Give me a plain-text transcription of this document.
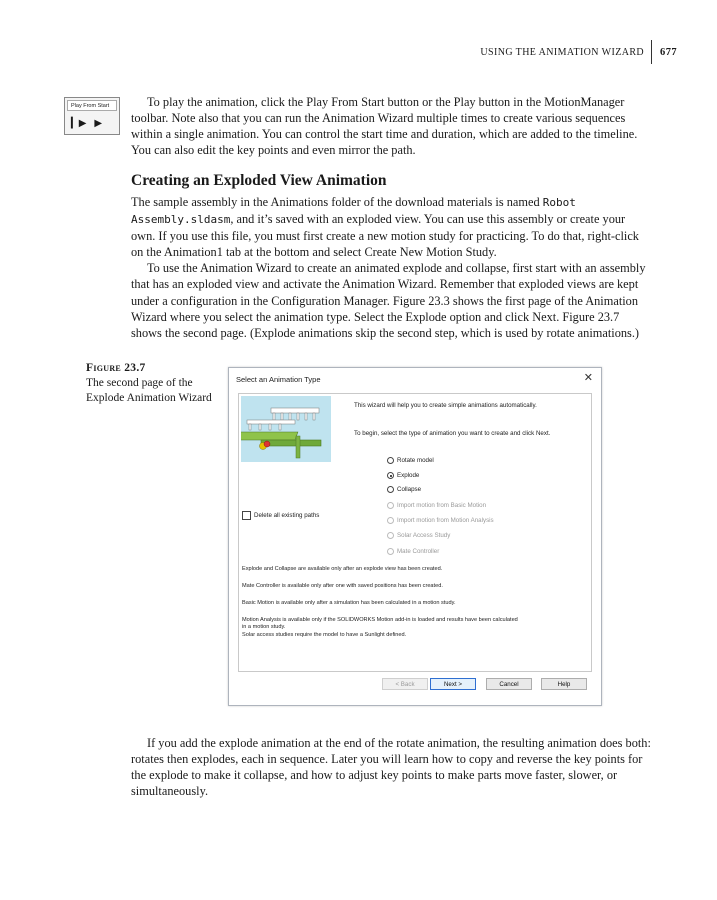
USING THE ANIMATION WIZARD	677
Play From Start
▎▶ ▶

To play the animation, click the Play From Start button or the Play button in the MotionManager toolbar. Note also that you can run the Animation Wizard multiple times to create various sequences within a single animation. You can control the start time and duration, which are added to the timeline. You can also edit the key points and even mirror the path.

Creating an Exploded View Animation

The sample assembly in the Animations folder of the download materials is named Robot Assembly.sldasm, and it’s saved with an exploded view. You can use this assembly or create your own. If you use this file, you must first create a new motion study for practicing. To do that, right-click on the Animation1 tab at the bottom and select Create New Motion Study.

To use the Animation Wizard to create an animated explode and collapse, first start with an assembly that has an exploded view and activate the Animation Wizard. Remember that exploded views are kept under a configuration in the Configuration Manager. Figure 23.3 shows the first page of the Animation Wizard where you select the animation type. Select the Explode option and click Next. Figure 23.7 shows the second page. (Explode animations skip the second step, which is used by rotate animations.)

Figure 23.7
The second page of the Explode Animation Wizard
Select an Animation Type	✕
This wizard will help you to create simple animations automatically.
To begin, select the type of animation you want to create and click Next.
Rotate model
Explode
Collapse
Import motion from Basic Motion
Import motion from Motion Analysis
Solar Access Study
Mate Controller
Delete all existing paths
Explode and Collapse are available only after an explode view has been created.
Mate Controller is available only after one with saved positions has been created.
Basic Motion is available only after a simulation has been calculated in a motion study.
Motion Analysis is available only if the SOLIDWORKS Motion add-in is loaded and results have been calculated
in a motion study.
Solar access studies require the model to have a Sunlight defined.
< Back	Next >	Cancel	Help

If you add the explode animation at the end of the rotate animation, the resulting animation does both: rotates then explodes, each in sequence. Later you will learn how to copy and reverse the key points for the explode to make it collapse, and how to adjust key points to make parts move faster, slower, or simultaneously.
